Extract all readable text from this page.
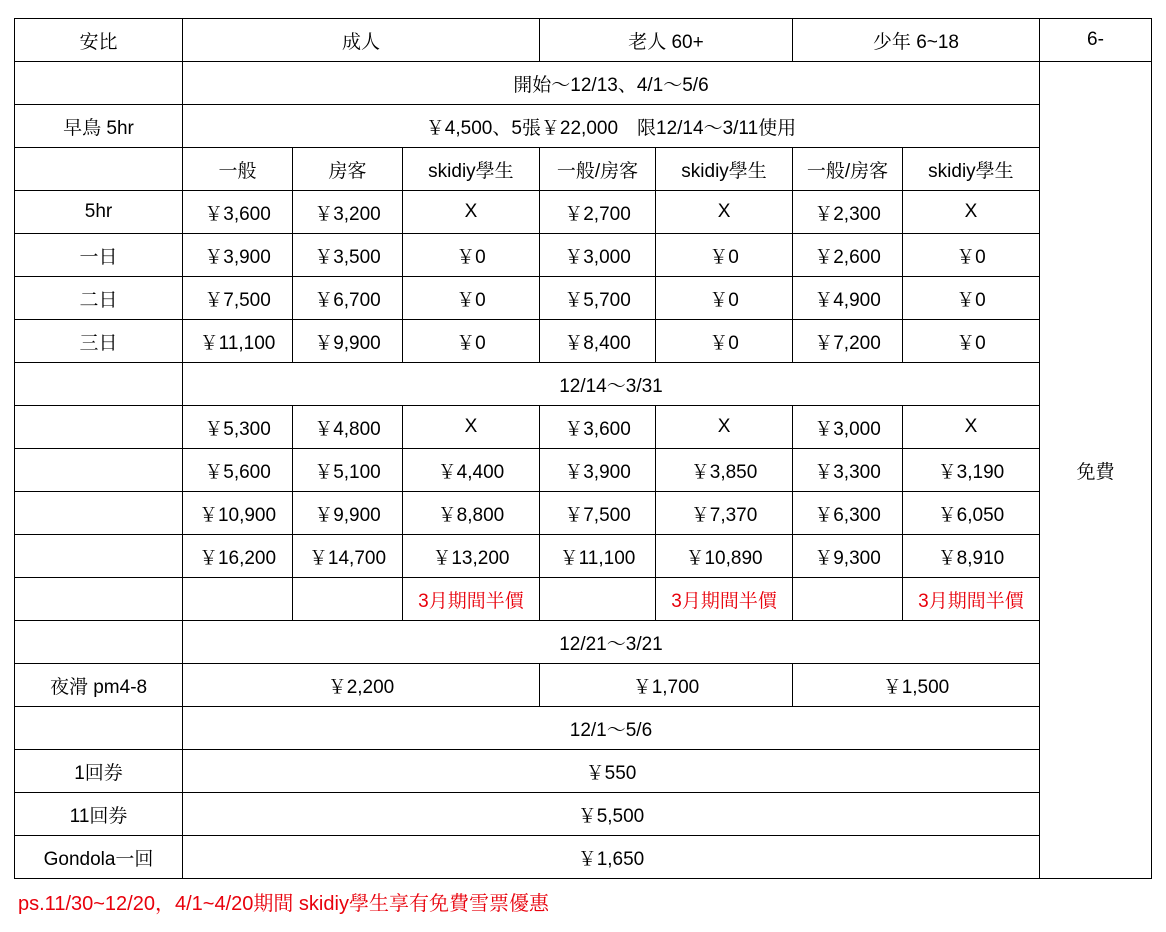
安比	成人			老人 60+		少年 6~18		6-
	開始～12/13、4/1～5/6							免費
早鳥 5hr	￥4,500、5張￥22,000　限12/14～3/11使用							
	一般	房客	skidiy學生	一般/房客	skidiy學生	一般/房客	skidiy學生	
5hr	￥3,600	￥3,200	X	￥2,700	X	￥2,300	X	
一日	￥3,900	￥3,500	￥0	￥3,000	￥0	￥2,600	￥0	
二日	￥7,500	￥6,700	￥0	￥5,700	￥0	￥4,900	￥0	
三日	￥11,100	￥9,900	￥0	￥8,400	￥0	￥7,200	￥0	
	12/14～3/31							
	￥5,300	￥4,800	X	￥3,600	X	￥3,000	X	
	￥5,600	￥5,100	￥4,400	￥3,900	￥3,850	￥3,300	￥3,190	
	￥10,900	￥9,900	￥8,800	￥7,500	￥7,370	￥6,300	￥6,050	
	￥16,200	￥14,700	￥13,200	￥11,100	￥10,890	￥9,300	￥8,910	
			3月期間半價		3月期間半價		3月期間半價	
	12/21～3/21							
夜滑 pm4-8	￥2,200			￥1,700		￥1,500		
	12/1～5/6							
1回券	￥550							
11回券	￥5,500							
Gondola一回	￥1,650							
ps.11/30~12/20，4/1~4/20期間 skidiy學生享有免費雪票優惠
